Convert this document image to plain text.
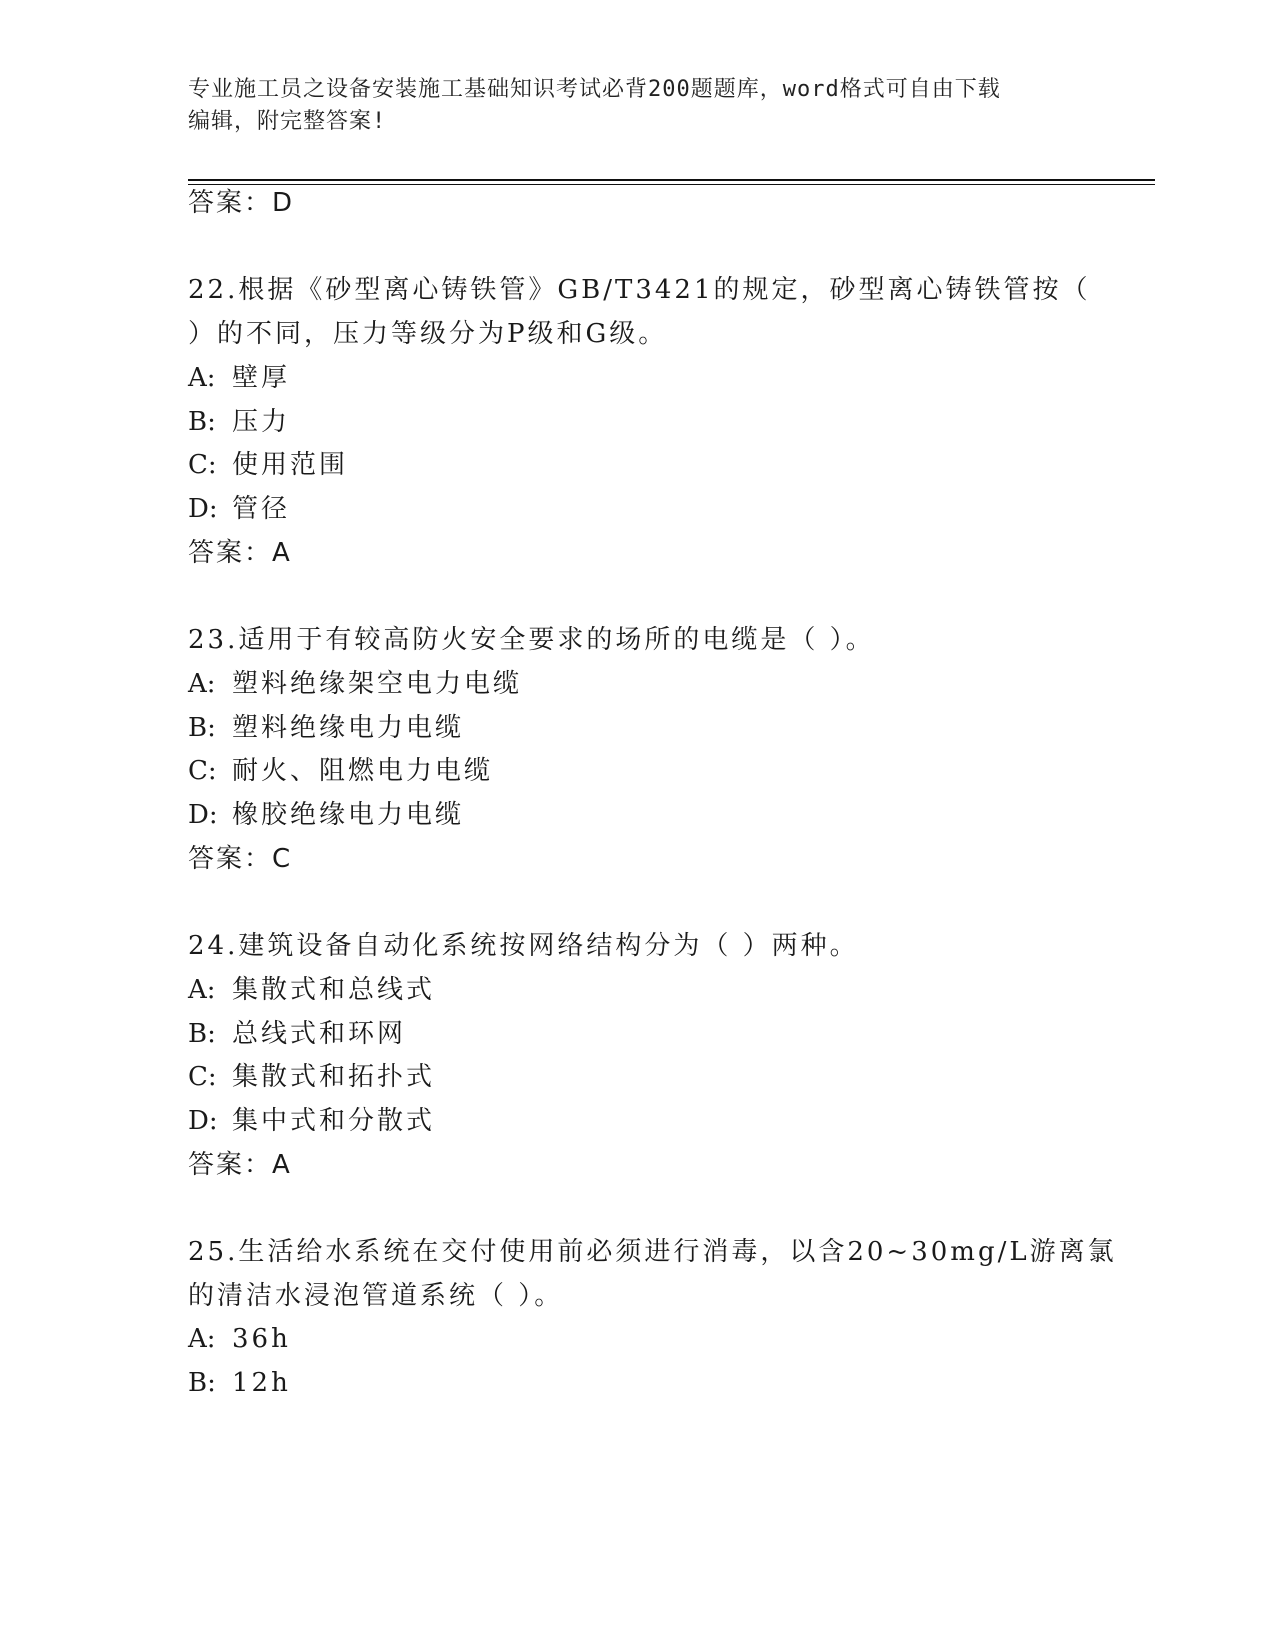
专业施工员之设备安装施工基础知识考试必背200题题库，word格式可自由下载
编辑，附完整答案!
答案：D
22.根据《砂型离心铸铁管》GB/T3421的规定，砂型离心铸铁管按（
）的不同，压力等级分为P级和G级。
A: 壁厚
B: 压力
C: 使用范围
D: 管径
答案：A
23.适用于有较高防火安全要求的场所的电缆是（ ）。
A: 塑料绝缘架空电力电缆
B: 塑料绝缘电力电缆
C: 耐火、阻燃电力电缆
D: 橡胶绝缘电力电缆
答案：C
24.建筑设备自动化系统按网络结构分为（ ）两种。
A: 集散式和总线式
B: 总线式和环网
C: 集散式和拓扑式
D: 集中式和分散式
答案：A
25.生活给水系统在交付使用前必须进行消毒，以含20~30mg/L游离氯
的清洁水浸泡管道系统（ ）。
A: 36h
B: 12h
